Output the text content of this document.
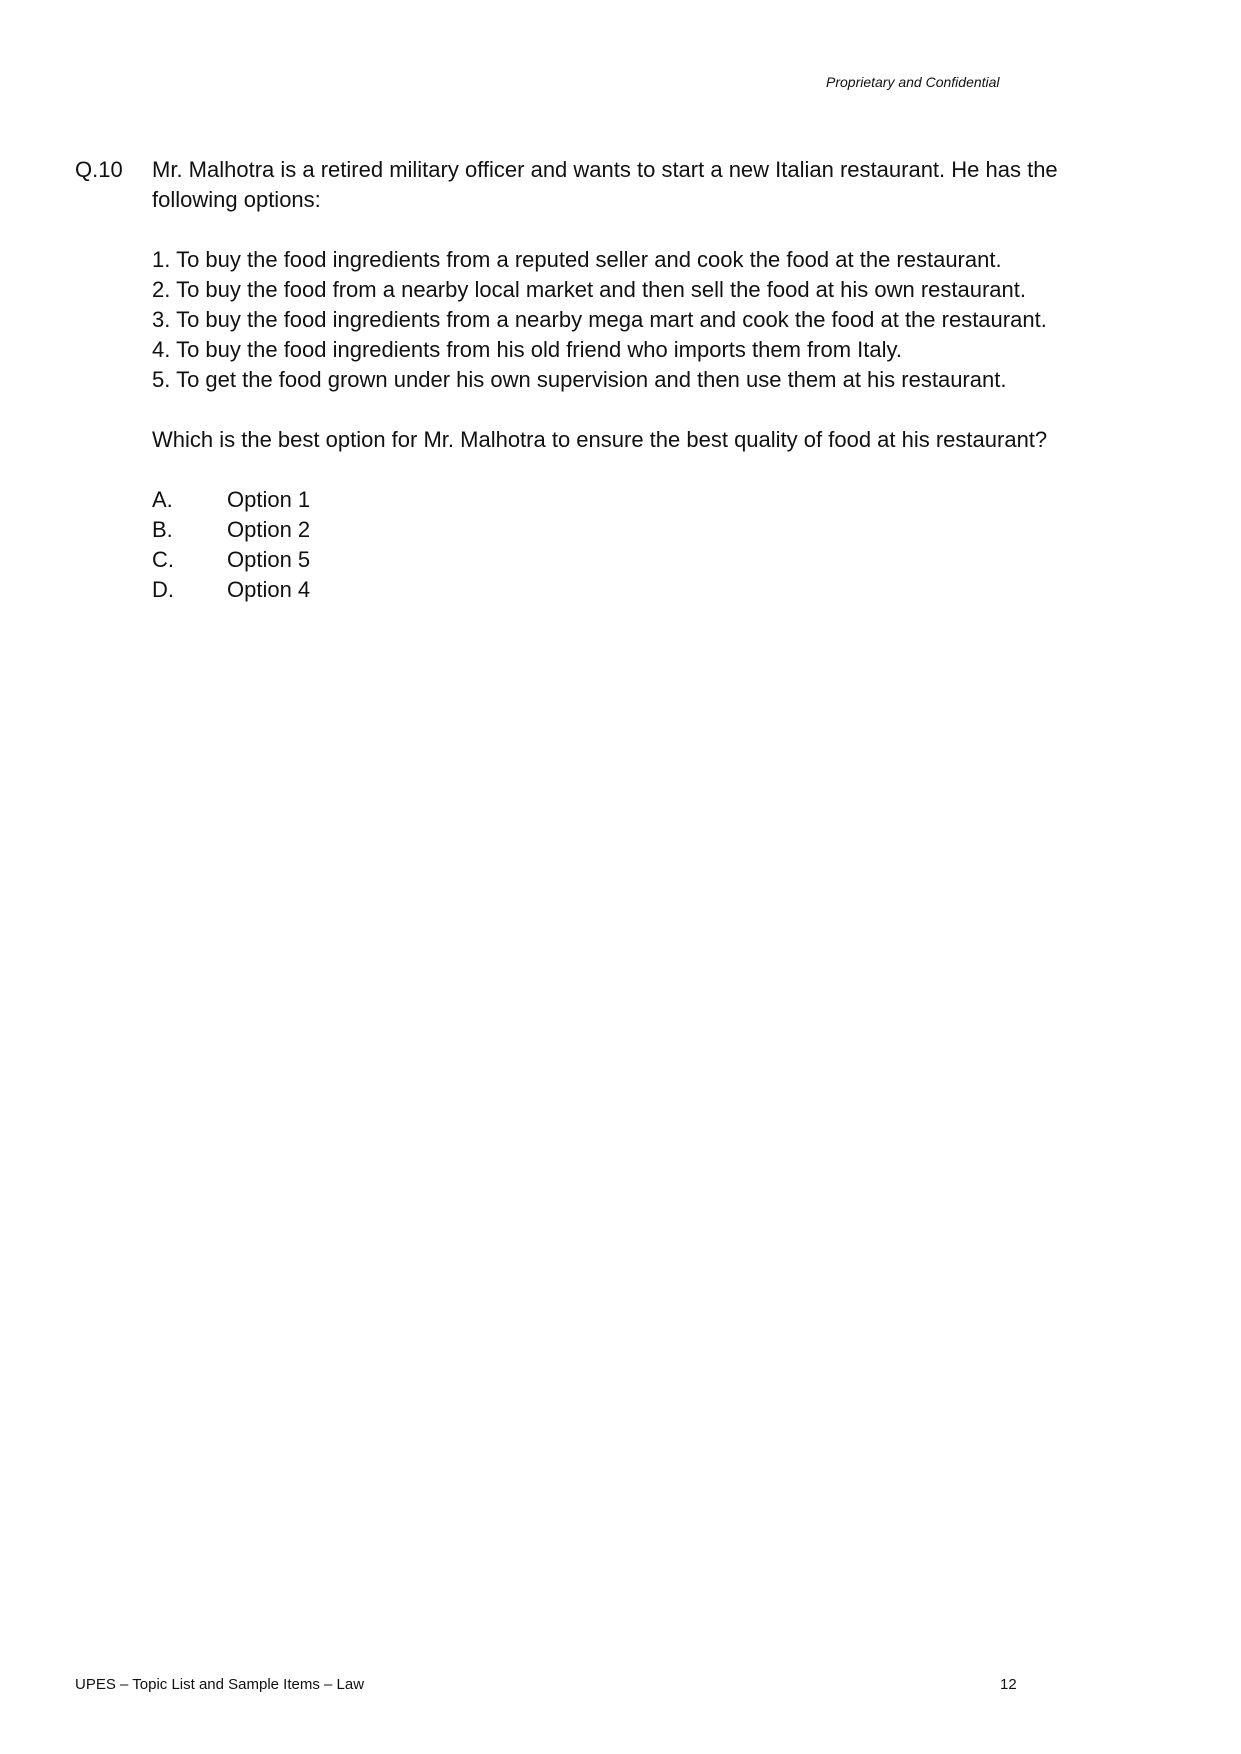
Proprietary and Confidential
Q.10 Mr. Malhotra is a retired military officer and wants to start a new Italian restaurant. He has the following options:

1. To buy the food ingredients from a reputed seller and cook the food at the restaurant.
2. To buy the food from a nearby local market and then sell the food at his own restaurant.
3. To buy the food ingredients from a nearby mega mart and cook the food at the restaurant.
4. To buy the food ingredients from his old friend who imports them from Italy.
5. To get the food grown under his own supervision and then use them at his restaurant.

Which is the best option for Mr. Malhotra to ensure the best quality of food at his restaurant?

A.	Option 1
B.	Option 2
C.	Option 5
D.	Option 4
UPES – Topic List and Sample Items – Law	12
